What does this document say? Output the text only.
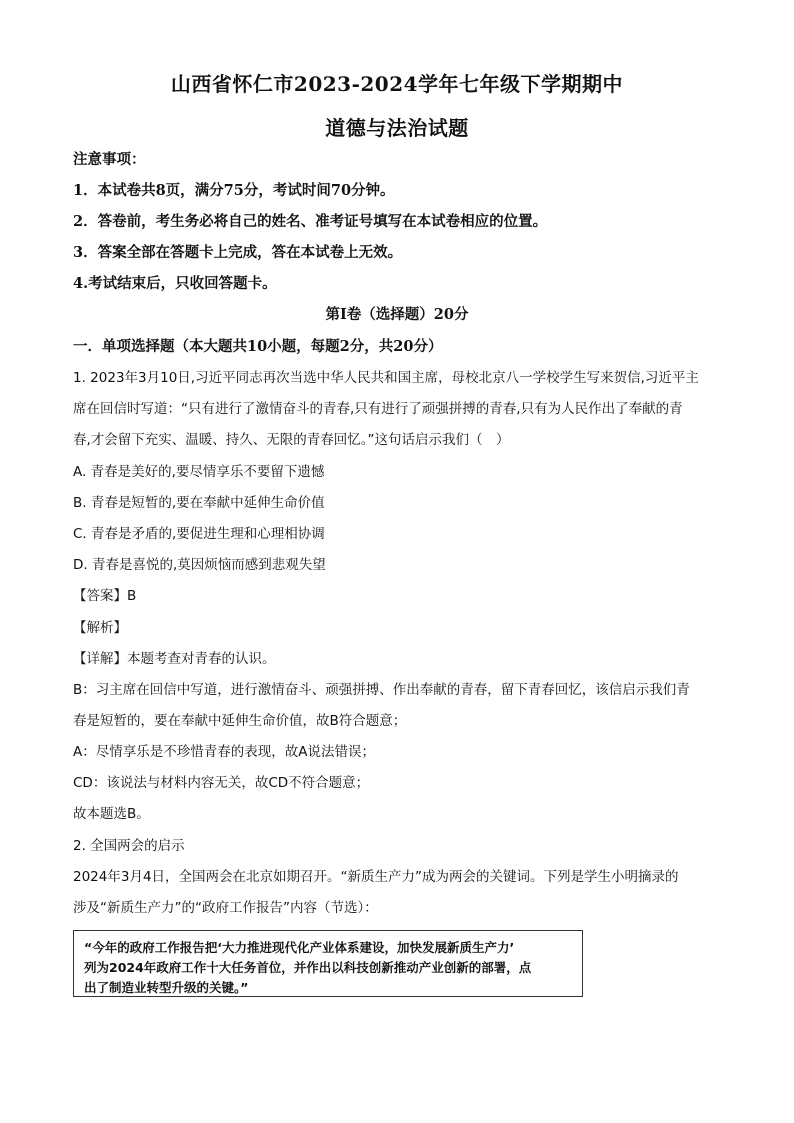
山西省怀仁市2023-2024学年七年级下学期期中
道德与法治试题
注意事项：
1．本试卷共8页，满分75分，考试时间70分钟。
2．答卷前，考生务必将自己的姓名、准考证号填写在本试卷相应的位置。
3．答案全部在答题卡上完成，答在本试卷上无效。
4.考试结束后，只收回答题卡。
第I卷（选择题）20分
一．单项选择题（本大题共10小题，每题2分，共20分）
1. 2023年3月10日,习近平同志再次当选中华人民共和国主席，母校北京八一学校学生写来贺信,习近平主
席在回信时写道：“只有进行了激情奋斗的青春,只有进行了顽强拼搏的青春,只有为人民作出了奉献的青
春,才会留下充实、温暖、持久、无限的青春回忆。”这句话启示我们（　）
A. 青春是美好的,要尽情享乐不要留下遗憾
B. 青春是短暂的,要在奉献中延伸生命价值
C. 青春是矛盾的,要促进生理和心理相协调
D. 青春是喜悦的,莫因烦恼而感到悲观失望
【答案】B
【解析】
【详解】本题考查对青春的认识。
B：习主席在回信中写道，进行激情奋斗、顽强拼搏、作出奉献的青春，留下青春回忆，该信启示我们青
春是短暂的，要在奉献中延伸生命价值，故B符合题意；
A：尽情享乐是不珍惜青春的表现，故A说法错误；
CD：该说法与材料内容无关，故CD不符合题意；
故本题选B。
2. 全国两会的启示
2024年3月4日，全国两会在北京如期召开。“新质生产力”成为两会的关键词。下列是学生小明摘录的
涉及“新质生产力”的“政府工作报告”内容（节选）：
“今年的政府工作报告把‘大力推进现代化产业体系建设，加快发展新质生产力’
列为2024年政府工作十大任务首位，并作出以科技创新推动产业创新的部署，点
出了制造业转型升级的关键。”
